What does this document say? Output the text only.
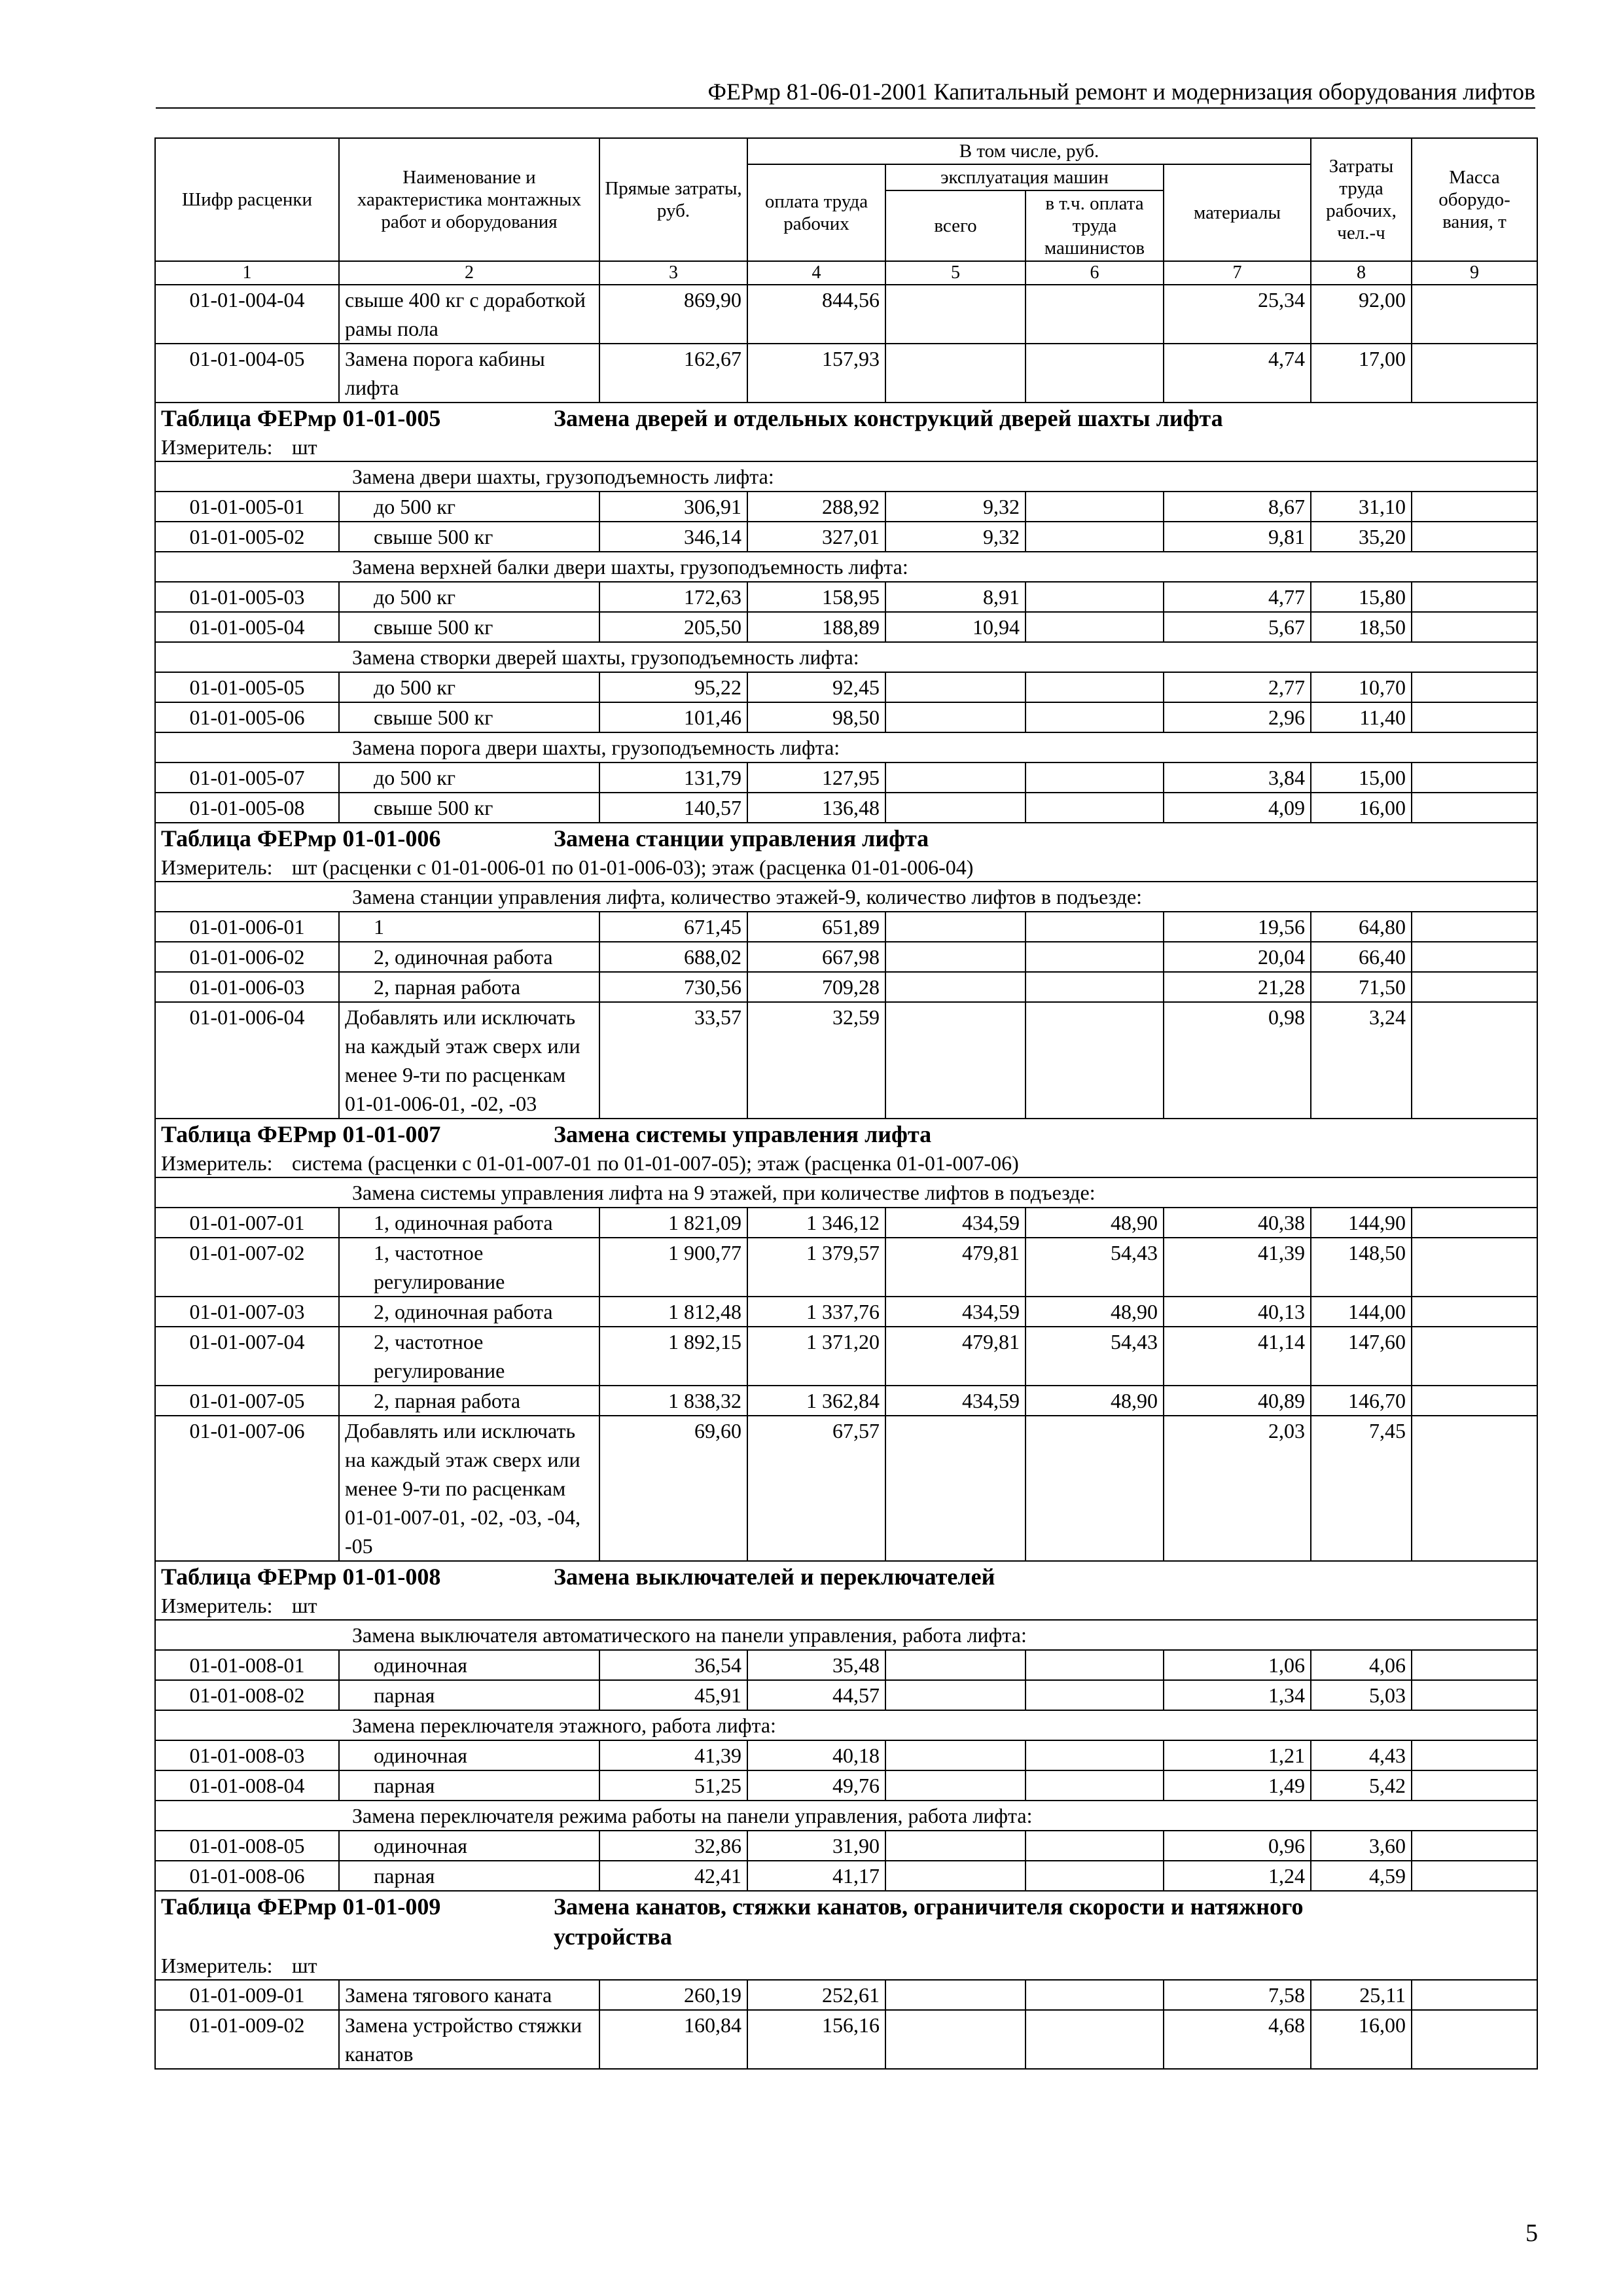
ФЕРмр 81-06-01-2001 Капитальный ремонт и модернизация оборудования лифтов
Шифр расценки	Наименование и характеристика монтажных работ и оборудования	Прямые затраты, руб.	В том числе, руб.				Затраты труда рабочих, чел.-ч	Масса оборудо-вания, т
			оплата труда рабочих	эксплуатация машин		материалы		
				всего	в т.ч. оплата труда машинистов			
1	2	3	4	5	6	7	8	9
01-01-004-04	свыше 400 кг с доработкой рамы пола	869,90	844,56			25,34	92,00	
01-01-004-05	Замена порога кабины лифта	162,67	157,93			4,74	17,00	
Таблица ФЕРмр 01-01-005 Замена дверей и отдельных конструкций дверей шахты лифта								
Измеритель: шт								
Замена двери шахты, грузоподъемность лифта:								
01-01-005-01	до 500 кг	306,91	288,92	9,32		8,67	31,10	
01-01-005-02	свыше 500 кг	346,14	327,01	9,32		9,81	35,20	
Замена верхней балки двери шахты, грузоподъемность лифта:								
01-01-005-03	до 500 кг	172,63	158,95	8,91		4,77	15,80	
01-01-005-04	свыше 500 кг	205,50	188,89	10,94		5,67	18,50	
Замена створки дверей шахты, грузоподъемность лифта:								
01-01-005-05	до 500 кг	95,22	92,45			2,77	10,70	
01-01-005-06	свыше 500 кг	101,46	98,50			2,96	11,40	
Замена порога двери шахты, грузоподъемность лифта:								
01-01-005-07	до 500 кг	131,79	127,95			3,84	15,00	
01-01-005-08	свыше 500 кг	140,57	136,48			4,09	16,00	
Таблица ФЕРмр 01-01-006 Замена станции управления лифта								
Измеритель: шт (расценки с 01-01-006-01 по 01-01-006-03); этаж (расценка 01-01-006-04)								
Замена станции управления лифта, количество этажей-9, количество лифтов в подъезде:								
01-01-006-01	1	671,45	651,89			19,56	64,80	
01-01-006-02	2, одиночная работа	688,02	667,98			20,04	66,40	
01-01-006-03	2, парная работа	730,56	709,28			21,28	71,50	
01-01-006-04	Добавлять или исключать на каждый этаж сверх или менее 9-ти по расценкам 01-01-006-01, -02, -03	33,57	32,59			0,98	3,24	
Таблица ФЕРмр 01-01-007 Замена системы управления лифта								
Измеритель: система (расценки с 01-01-007-01 по 01-01-007-05); этаж (расценка 01-01-007-06)								
Замена системы управления лифта на 9 этажей, при количестве лифтов в подъезде:								
01-01-007-01	1, одиночная работа	1 821,09	1 346,12	434,59	48,90	40,38	144,90	
01-01-007-02	1, частотное регулирование	1 900,77	1 379,57	479,81	54,43	41,39	148,50	
01-01-007-03	2, одиночная работа	1 812,48	1 337,76	434,59	48,90	40,13	144,00	
01-01-007-04	2, частотное регулирование	1 892,15	1 371,20	479,81	54,43	41,14	147,60	
01-01-007-05	2, парная работа	1 838,32	1 362,84	434,59	48,90	40,89	146,70	
01-01-007-06	Добавлять или исключать на каждый этаж сверх или менее 9-ти по расценкам 01-01-007-01, -02, -03, -04, -05	69,60	67,57			2,03	7,45	
Таблица ФЕРмр 01-01-008 Замена выключателей и переключателей								
Измеритель: шт								
Замена выключателя автоматического на панели управления, работа лифта:								
01-01-008-01	одиночная	36,54	35,48			1,06	4,06	
01-01-008-02	парная	45,91	44,57			1,34	5,03	
Замена переключателя этажного, работа лифта:								
01-01-008-03	одиночная	41,39	40,18			1,21	4,43	
01-01-008-04	парная	51,25	49,76			1,49	5,42	
Замена переключателя режима работы на панели управления, работа лифта:								
01-01-008-05	одиночная	32,86	31,90			0,96	3,60	
01-01-008-06	парная	42,41	41,17			1,24	4,59	
Таблица ФЕРмр 01-01-009 Замена канатов, стяжки канатов, ограничителя скорости и натяжного устройства								
Измеритель: шт								
01-01-009-01	Замена тягового каната	260,19	252,61			7,58	25,11	
01-01-009-02	Замена устройство стяжки канатов	160,84	156,16			4,68	16,00	
5
